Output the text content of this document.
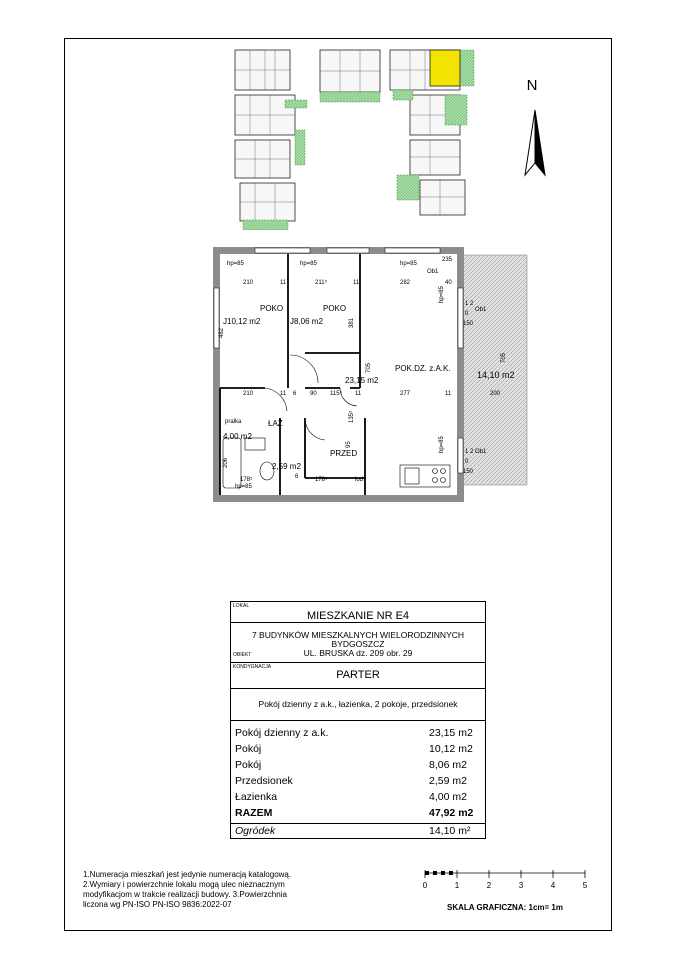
N
hp=85	hp=85	hp=85
235
Ob1
210	11	211⁵	11	282	40
482
381
705
705
210	11 6 90 115⁵ 11	277	11	200
hp=85
1 2
0
150
Ob1
hp=85	1 2
0
150
Ob1
pralka
206
178⁵	178⁵
hp=85
135⁵
95
lod
6
POKO
J10,12 m2
POKO
J8,06 m2
POK.DZ. z.A.K.
23,15 m2
ŁAZ
4,00 m2
PRZED
2,59 m2
14,10 m2
LOKAL
MIESZKANIE NR E4
7 BUDYNKÓW MIESZKALNYCH WIELORODZINNYCH BYDGOSZCZ
UL. BRUSKA dz. 209 obr. 29
OBIEKT
KONDYGNACJA
PARTER
Pokój dzienny z a.k., łazienka, 2 pokoje, przedsionek
Pokój dzienny z a.k.	23,15 m2
Pokój	10,12 m2
Pokój	8,06 m2
Przedsionek	2,59 m2
Łazienka	4,00 m2
RAZEM	47,92 m2
Ogródek	14,10 m²
1.Numeracja mieszkań jest jedynie numeracją katalogową.
2.Wymiary i powierzchnie lokalu mogą ulec nieznacznym
modyfikacjom w trakcie realizacji budowy. 3.Powierzchnia
liczona wg PN-ISO PN-ISO 9836:2022-07
0	1	2	3	4	5
SKALA GRAFICZNA: 1cm= 1m
